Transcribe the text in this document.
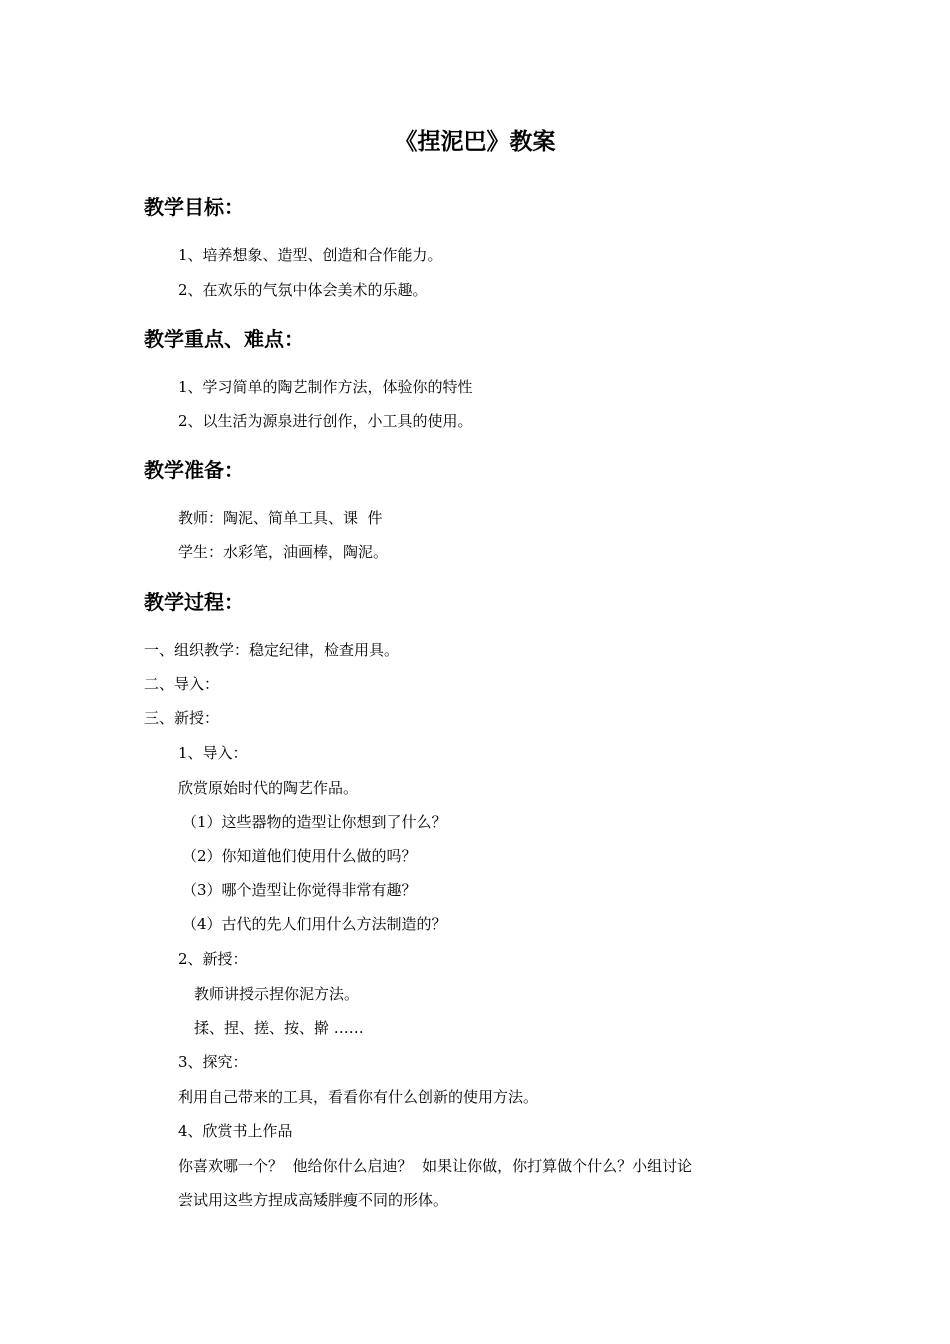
《捏泥巴》教案
教学目标：
1、培养想象、造型、创造和合作能力。
2、在欢乐的气氛中体会美术的乐趣。
教学重点、难点：
1、学习简单的陶艺制作方法，体验你的特性
2、以生活为源泉进行创作，小工具的使用。
教学准备：
教师：陶泥、简单工具、课  件
学生：水彩笔，油画棒，陶泥。
教学过程：
一、组织教学：稳定纪律，检查用具。
二、导入：
三、新授：
1、导入：
欣赏原始时代的陶艺作品。
（1）这些器物的造型让你想到了什么？
（2）你知道他们使用什么做的吗？
（3）哪个造型让你觉得非常有趣？
（4）古代的先人们用什么方法制造的？
2、新授：
教师讲授示捏你泥方法。
揉、捏、搓、按、擀 ……
3、探究：
利用自己带来的工具，看看你有什么创新的使用方法。
4、欣赏书上作品
你喜欢哪一个？  他给你什么启迪？  如果让你做，你打算做个什么？小组讨论
尝试用这些方捏成高矮胖瘦不同的形体。
